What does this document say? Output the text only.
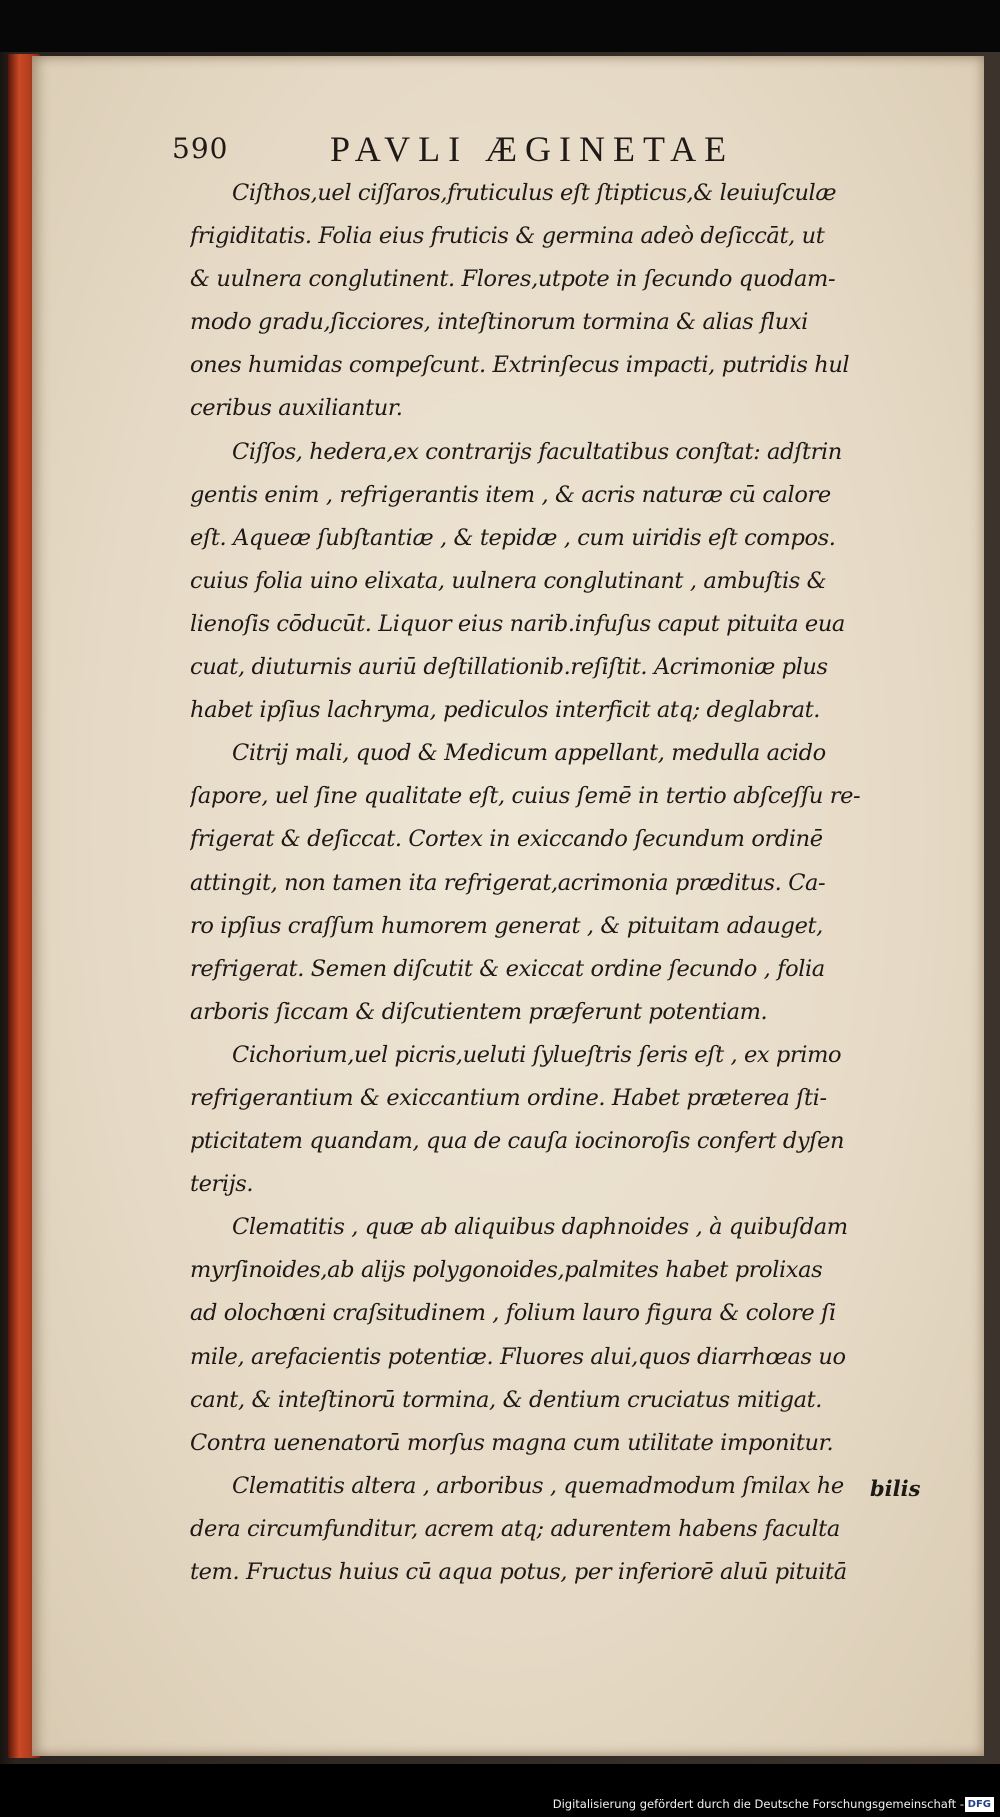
590	PAVLI ÆGINETAE
Ciſthos,uel ciſſaros,fruticulus eſt ſtipticus,& leuiuſculæ
frigiditatis. Folia eius fruticis & germina adeò deſiccāt, ut
& uulnera conglutinent. Flores,utpote in ſecundo quodam-
modo gradu,ſicciores, inteſtinorum tormina & alias fluxi
ones humidas compeſcunt. Extrinſecus impacti, putridis hul
ceribus auxiliantur.
Ciſſos, hedera,ex contrarijs facultatibus conſtat: adſtrin
gentis enim , refrigerantis item , & acris naturæ cū calore
eſt. Aqueæ ſubſtantiæ , & tepidæ , cum uiridis eſt compos.
cuius folia uino elixata, uulnera conglutinant , ambuſtis &
lienoſis cōducūt. Liquor eius narib.infuſus caput pituita eua
cuat, diuturnis auriū deſtillationib.reſiſtit. Acrimoniæ plus
habet ipſius lachryma, pediculos interficit atq; deglabrat.
Citrij mali, quod & Medicum appellant, medulla acido
ſapore, uel ſine qualitate eſt, cuius ſemē in tertio abſceſſu re-
frigerat & deſiccat. Cortex in exiccando ſecundum ordinē
attingit, non tamen ita refrigerat,acrimonia præditus. Ca-
ro ipſius craſſum humorem generat , & pituitam adauget,
refrigerat. Semen diſcutit & exiccat ordine ſecundo , folia
arboris ſiccam & diſcutientem præferunt potentiam.
Cichorium,uel picris,ueluti ſylueſtris ſeris eſt , ex primo
refrigerantium & exiccantium ordine. Habet præterea ſti-
pticitatem quandam, qua de cauſa iocinoroſis confert dyſen
terijs.
Clematitis , quæ ab aliquibus daphnoides , à quibuſdam
myrſinoides,ab alijs polygonoides,palmites habet prolixas
ad olochœni craſsitudinem , folium lauro figura & colore ſi
mile, arefacientis potentiæ. Fluores alui,quos diarrhœas uo
cant, & inteſtinorū tormina, & dentium cruciatus mitigat.
Contra uenenatorū morſus magna cum utilitate imponitur.
Clematitis altera , arboribus , quemadmodum ſmilax he
dera circumfunditur, acrem atq; adurentem habens faculta
tem. Fructus huius cū aqua potus, per inferiorē aluū pituitā
bilis
Digitalisierung gefördert durch die Deutsche Forschungsgemeinschaft - DFG
